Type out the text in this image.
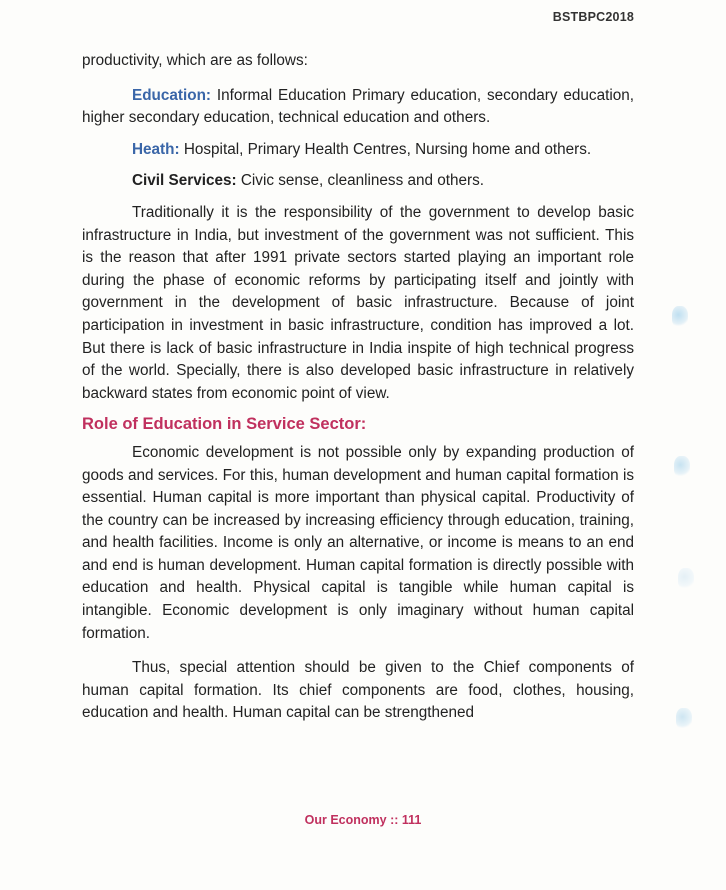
BSTBPC2018

productivity, which are as follows:

Education: Informal Education Primary education, secondary education, higher secondary education, technical education and others.

Heath: Hospital, Primary Health Centres, Nursing home and others.

Civil Services: Civic sense, cleanliness and others.

Traditionally it is the responsibility of the government to develop basic infrastructure in India, but investment of the government was not sufficient. This is the reason that after 1991 private sectors started playing an important role during the phase of economic reforms by participating itself and jointly with government in the development of basic infrastructure. Because of joint participation in investment in basic infrastructure, condition has improved a lot. But there is lack of basic infrastructure in India inspite of high technical progress of the world. Specially, there is also developed basic infrastructure in relatively backward states from economic point of view.

Role of Education in Service Sector:

Economic development is not possible only by expanding production of goods and services. For this, human development and human capital formation is essential. Human capital is more important than physical capital. Productivity of the country can be increased by increasing efficiency through education, training, and health facilities. Income is only an alternative, or income is means to an end and end is human development. Human capital formation is directly possible with education and health. Physical capital is tangible while human capital is intangible. Economic development is only imaginary without human capital formation.

Thus, special attention should be given to the Chief components of human capital formation. Its chief components are food, clothes, housing, education and health. Human capital can be strengthened

Our Economy :: 111
